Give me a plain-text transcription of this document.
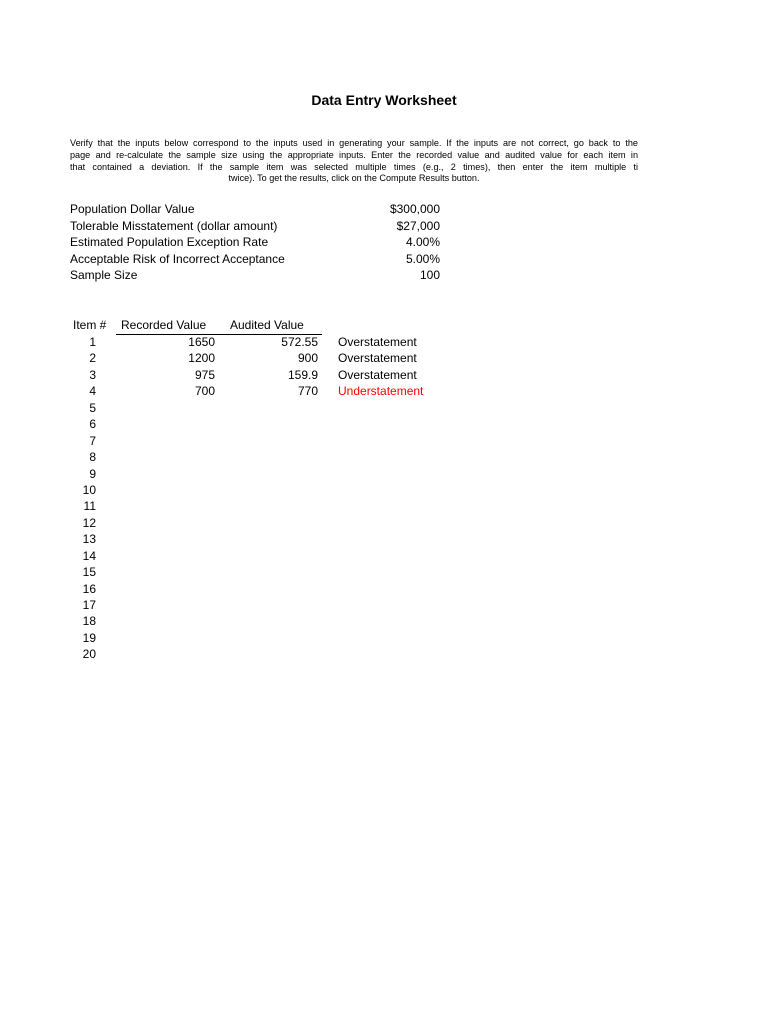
Data Entry Worksheet
Verify that the inputs below correspond to the inputs used in generating your sample. If the inputs are not correct, go back to the
page and re-calculate the sample size using the appropriate inputs. Enter the recorded value and audited value for each item in
that contained a deviation. If the sample item was selected multiple times (e.g., 2 times), then enter the item multiple ti
twice). To get the results, click on the Compute Results button.
Population Dollar Value	$300,000
Tolerable Misstatement (dollar amount)	$27,000
Estimated Population Exception Rate	4.00%
Acceptable Risk of Incorrect Acceptance	5.00%
Sample Size	100
Item # Recorded Value Audited Value
1	1650	572.55 Overstatement
2	1200	900 Overstatement
3	975	159.9 Overstatement
4	700	770 Understatement
5
6
7
8
9
10
11
12
13
14
15
16
17
18
19
20
